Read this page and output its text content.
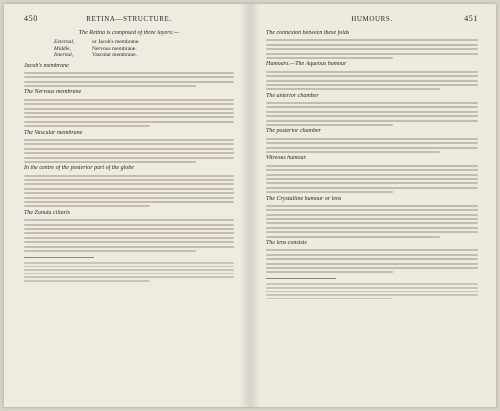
450	RETINA—STRUCTURE.
The Retina is composed of three layers:—
External,	or Jacob's membrane.
Middle,	Nervous membrane.
Internal,	Vascular membrane.
Jacob's membrane
The Nervous membrane
The Vascular membrane
In the centre of the posterior part of the globe
The Zonula ciliaris
HUMOURS.	451
The connexion between these folds
Humours.—The Aqueous humour
The anterior chamber
The posterior chamber
Vitreous humour.
The Crystalline humour or lens
The lens consists
